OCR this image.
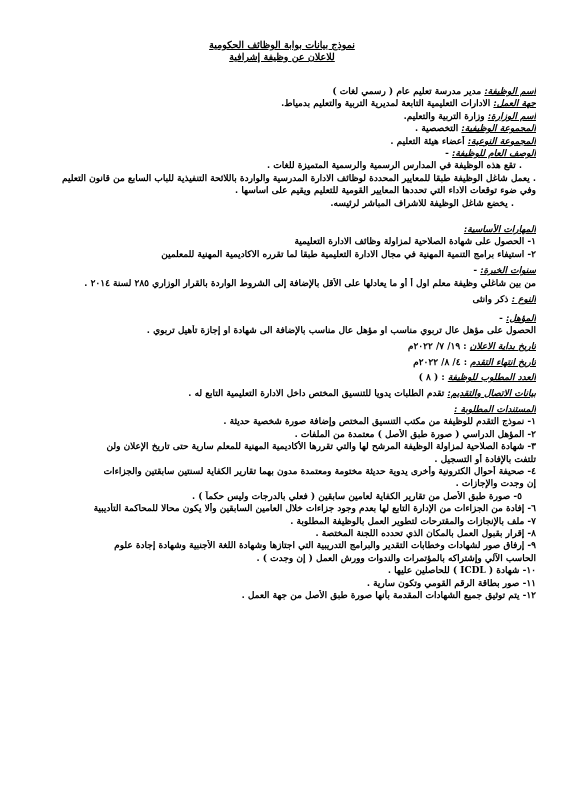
نموذج بيانات بوابة الوظائف الحكومية
للاعلان عن وظيفة إشرافية
اسم الوظيفة: مدير مدرسة تعليم عام ( رسمي لغات )
جهة العمل: الادارات التعليمية التابعة لمديرية التربية والتعليم بدمياط.
اسم الوزارة: وزارة التربية والتعليم.
المجموعة الوظيفية: التخصصية .
المجموعة النوعية: أعضاء هيئة التعليم .
الوصف العام للوظيفة: -
. تقع هذه الوظيفة في المدارس الرسمية والرسمية المتميزة للغات .
. يعمل شاغل الوظيفة طبقا للمعايير المحددة لوظائف الادارة المدرسية والواردة باللائحة التنفيذية للباب السابع من قانون التعليم
وفي ضوء توقعات الاداء التي تحددها المعايير القومية للتعليم ويقيم على اساسها .
. يخضع شاغل الوظيفة للاشراف المباشر لرئيسه.
المهارات الأساسية:
١- الحصول على شهادة الصلاحية لمزاولة وظائف الادارة التعليمية
٢- استيفاء برامج التنمية المهنية في مجال الادارة التعليمية طبقا لما تقرره الاكاديمية المهنية للمعلمين
سنوات الخبرة: -
من بين شاغلي وظيفة معلم اول أ أو ما يعادلها على الأقل بالإضافة إلى الشروط الواردة بالقرار الوزاري ٢٨٥ لسنة ٢٠١٤ .
النوع : ذكر وانثى
المؤهل: -
الحصول على مؤهل عال تربوي مناسب او مؤهل عال مناسب بالإضافة الى شهادة او إجازة تأهيل تربوي .
تاريخ بداية الاعلان : ١٩/ ٧/ ٢٠٢٢م
تاريخ انتهاء التقدم : ٤/ ٨/ ٢٠٢٢م
العدد المطلوب للوظيفة : ( ٨ )
بيانات الاتصال والتقديم: تقدم الطلبات يدويا للتنسيق المختص داخل الادارة التعليمية التابع له .
المستندات المطلوبة :
١- نموذج التقدم للوظيفة من مكتب التنسيق المختص وإضافة صورة شخصية حديثة .
٢- المؤهل الدراسي ( صورة طبق الأصل ) معتمدة من الملفات .
٣- شهادة الصلاحية لمزاولة الوظيفة المرشح لها والتي تقررها الأكاديمية المهنية للمعلم سارية حتى تاريخ الإعلان ولن
تلتفت بالإفادة أو التسجيل .
٤- صحيفة أحوال الكترونية وأخرى يدوية حديثة مختومة ومعتمدة مدون بهما تقارير الكفاية لسنتين سابقتين والجزاءات
إن وجدت والإجازات .
٥- صورة طبق الأصل من تقارير الكفاية لعامين سابقين ( فعلي بالدرجات وليس حكماً ) .
٦- إفادة من الجزاءات من الإدارة التابع لها بعدم وجود جزاءات خلال العامين السابقين وألا يكون محالا للمحاكمة التأديبية
٧- ملف بالإنجازات والمقترحات لتطوير العمل بالوظيفة المطلوبة .
٨- إقرار بقبول العمل بالمكان الذي تحدده اللجنة المختصة .
٩- إرفاق صور لشهادات وخطابات التقدير والبرامج التدريبية التي اجتازها وشهادة اللغة الأجنبية وشهادة إجادة علوم
الحاسب الآلي وإشتراكه بالمؤتمرات والندوات وورش العمل ( إن وجدت ) .
١٠- شهادة ( ICDL ) للحاصلين عليها .
١١- صور بطاقة الرقم القومي وتكون سارية .
١٢- يتم توثيق جميع الشهادات المقدمة بأنها صورة طبق الأصل من جهة العمل .
